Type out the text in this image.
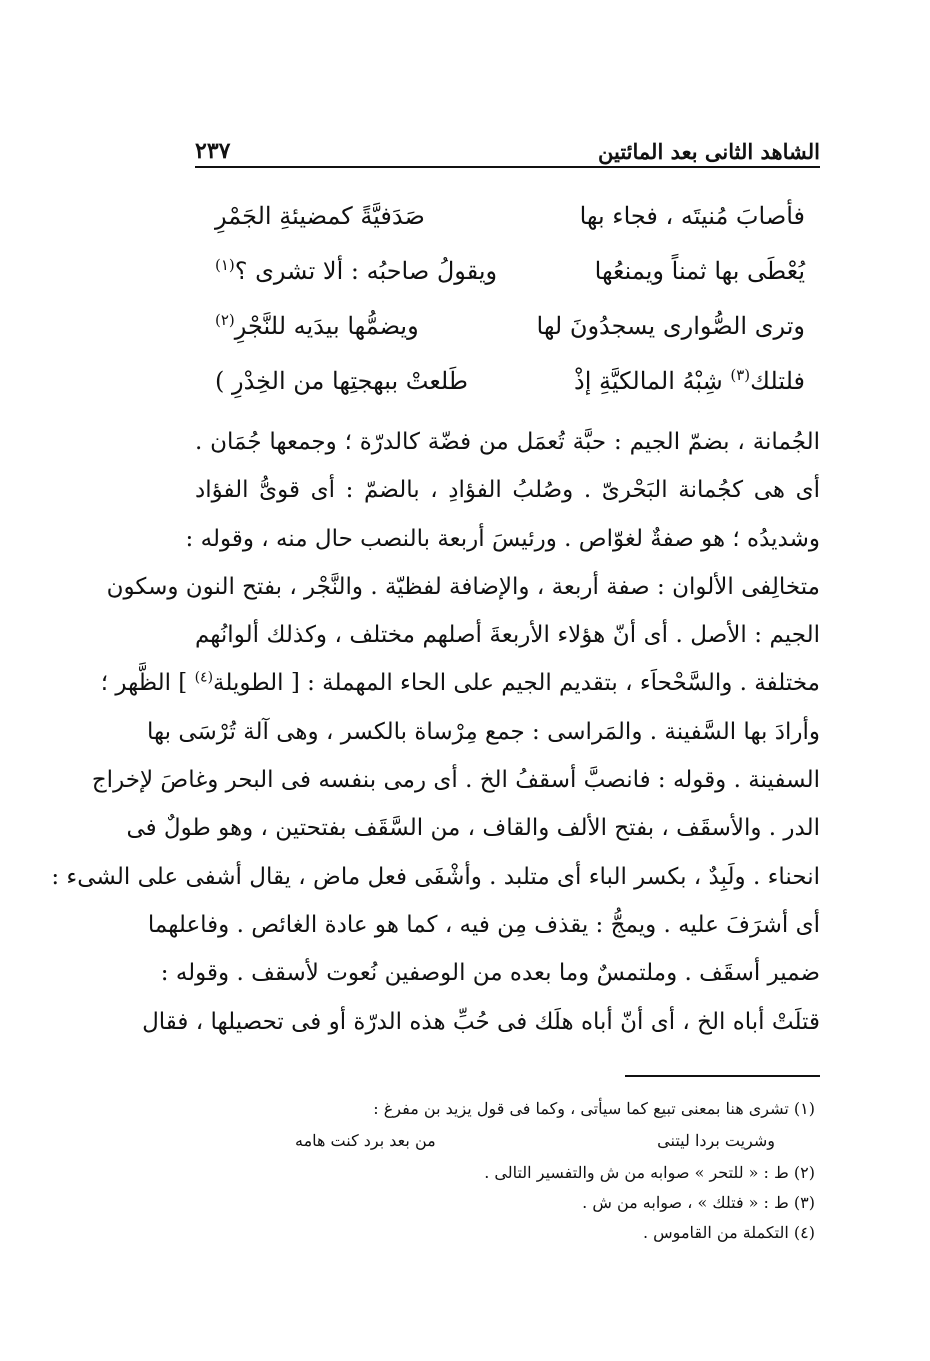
الشاهد الثانى بعد المائتين
٢٣٧
فأصابَ مُنيتَه ، فجاء بها
صَدَفيَّةً كمضيئةِ الجَمْرِ
يُعْطَى بها ثمناً ويمنعُها
ويقولُ صاحبُه : ألا تشرى ؟$^{(١)}$
وترى الصُّوارى يسجدُونَ لها
ويضمُّها بيدَيه للنَّجْرِ$^{(٢)}$
فلتلك$^{(٣)}$ شِبْهُ المالكيَّةِ إذْ
طَلعتْ ببهجتِها من الخِدْرِ )
الجُمانة ، بضمّ الجيم : حبَّة تُعمَل من فضّة كالدرّة ؛ وجمعها جُمَان .
أى هى كجُمانة البَحْرىّ . وصُلبُ الفؤادِ ، بالضمّ : أى قوىُّ الفؤاد
وشديدُه ؛ هو صفةٌ لغوّاص . ورئيسَ أربعة بالنصب حال منه ، وقوله :
متخالِفى الألوان : صفة أربعة ، والإضافة لفظيّة . والنَّجْر ، بفتح النون وسكون
الجيم : الأصل . أى أنّ هؤلاء الأربعةَ أصلهم مختلف ، وكذلك ألوانُهم
مختلفة . والسَّحْحاَء ، بتقديم الجيم على الحاء المهملة : [ الطويلة$^{(٤)}$ ] الظَّهر ؛
وأرادَ بها السَّفينة . والمَراسى : جمع مِرْساة بالكسر ، وهى آلة تُرْسَى بها
السفينة . وقوله : فانصبَّ أسقفُ الخ . أى رمى بنفسه فى البحر وغاصَ لإخراج
الدر . والأسقَف ، بفتح الألف والقاف ، من السَّقَف بفتحتين ، وهو طولٌ فى
انحناء . ولَبِدٌ ، بكسر الباء أى متلبد . وأشْفَى فعل ماض ، يقال أشفى على الشىء :
أى أشرَفَ عليه . ويمجُّ : يقذف مِن فيه ، كما هو عادة الغائص . وفاعلهما
ضمير أسقَف . وملتمسٌ وما بعده من الوصفين نُعوت لأسقف . وقوله :
قتلَتْ أباه الخ ، أى أنّ أباه هلَك فى حُبِّ هذه الدرّة أو فى تحصيلها ، فقال
(١) تشرى هنا بمعنى تبيع كما سيأتى ، وكما فى قول يزيد بن مفرغ :
وشريت بردا ليتنى
من بعد برد كنت هامه
(٢) ط : « للتحر » صوابه من ش والتفسير التالى .
(٣) ط : « فتلك » ، صوابه من ش .
(٤) التكملة من القاموس .
